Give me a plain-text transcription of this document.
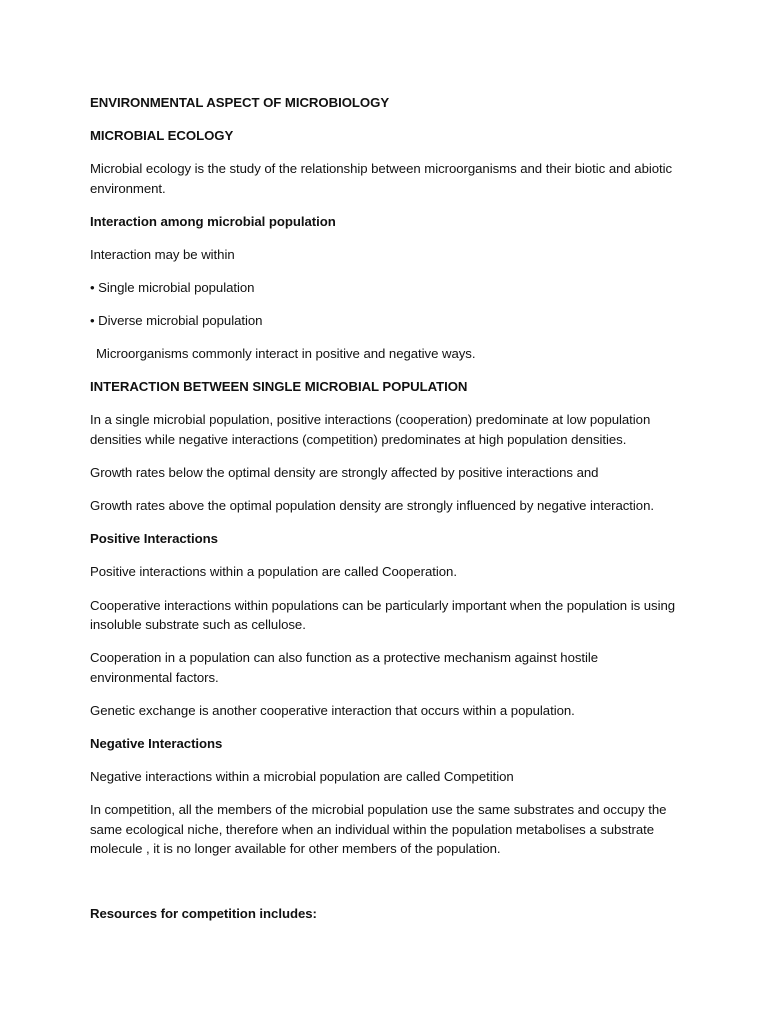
ENVIRONMENTAL ASPECT OF MICROBIOLOGY

MICROBIAL ECOLOGY

Microbial ecology is the study of the relationship between microorganisms and their biotic and abiotic environment.

Interaction among microbial population

Interaction may be within

• Single microbial population

• Diverse microbial population

Microorganisms commonly interact in positive and negative ways.

INTERACTION BETWEEN SINGLE MICROBIAL POPULATION

In a single microbial population, positive interactions (cooperation) predominate at low population densities while negative interactions (competition) predominates at high population densities.

Growth rates below the optimal density are strongly affected by positive interactions and

Growth rates above the optimal population density are strongly influenced by negative interaction.

Positive Interactions

Positive interactions within a population are called Cooperation.

Cooperative interactions within populations can be particularly important when the population is using insoluble substrate such as cellulose.

Cooperation in a population can also function as a protective mechanism against hostile environmental factors.

Genetic exchange is another cooperative interaction that occurs within a population.

Negative Interactions

Negative interactions within a microbial population are called Competition

In competition, all the members of the microbial population use the same substrates and occupy the same ecological niche, therefore when an individual within the population metabolises a substrate molecule , it is no longer available for other members of the population.

Resources for competition includes:
